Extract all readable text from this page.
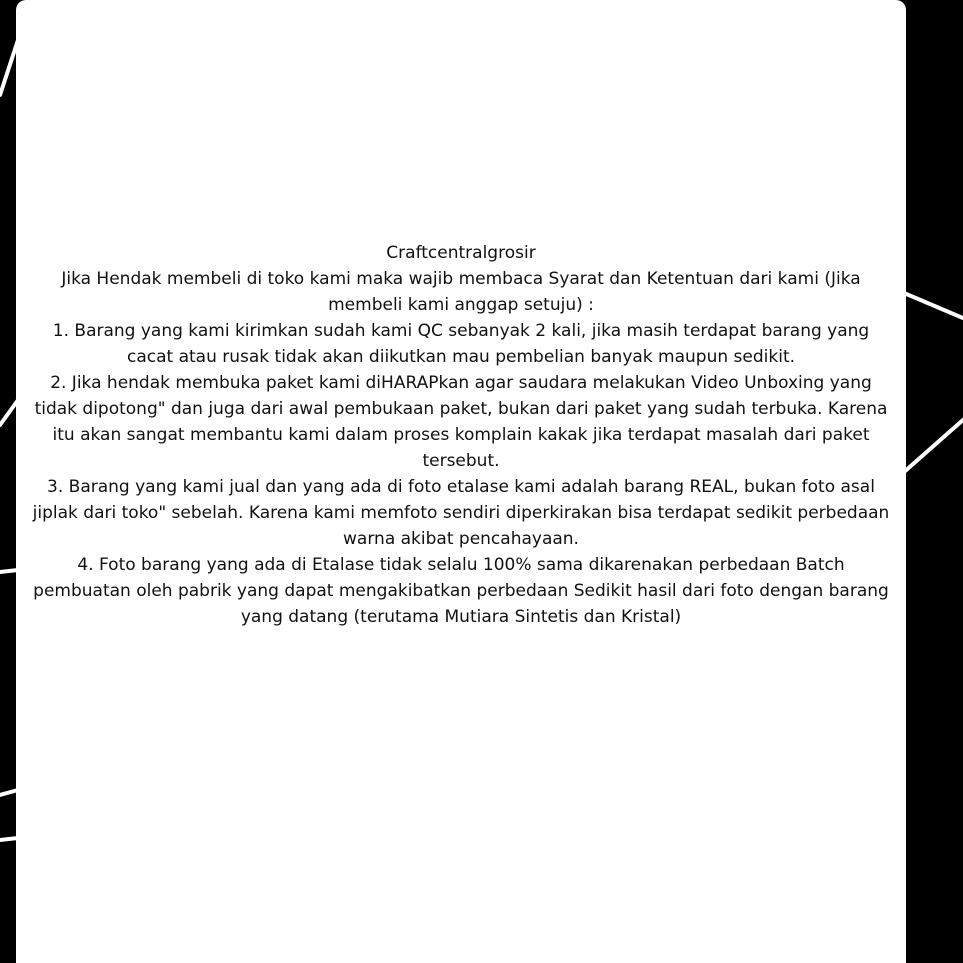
Craftcentralgrosir

Jika Hendak membeli di toko kami maka wajib membaca Syarat dan Ketentuan dari kami (Jika membeli kami anggap setuju) :

1. Barang yang kami kirimkan sudah kami QC sebanyak 2 kali, jika masih terdapat barang yang cacat atau rusak tidak akan diikutkan mau pembelian banyak maupun sedikit.

2. Jika hendak membuka paket kami diHARAPkan agar saudara melakukan Video Unboxing yang tidak dipotong" dan juga dari awal pembukaan paket, bukan dari paket yang sudah terbuka. Karena itu akan sangat membantu kami dalam proses komplain kakak jika terdapat masalah dari paket tersebut.

3. Barang yang kami jual dan yang ada di foto etalase kami adalah barang REAL, bukan foto asal jiplak dari toko" sebelah. Karena kami memfoto sendiri diperkirakan bisa terdapat sedikit perbedaan warna akibat pencahayaan.

4. Foto barang yang ada di Etalase tidak selalu 100% sama dikarenakan perbedaan Batch pembuatan oleh pabrik yang dapat mengakibatkan perbedaan Sedikit hasil dari foto dengan barang yang datang (terutama Mutiara Sintetis dan Kristal)
